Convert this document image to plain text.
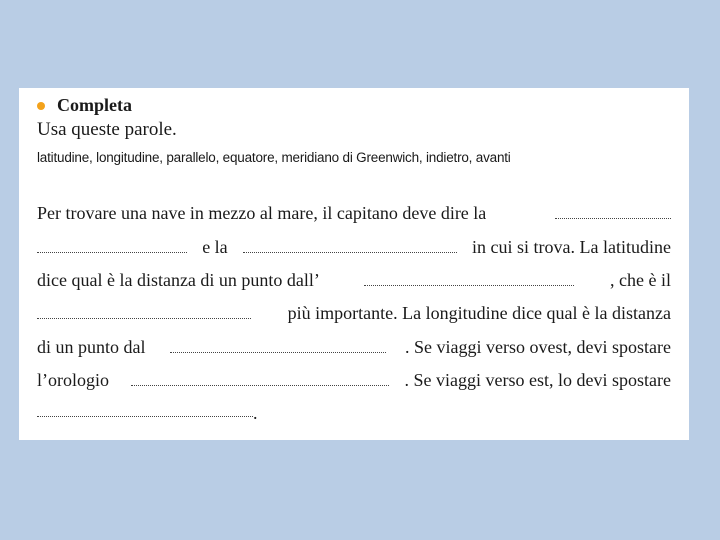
Completa
Usa queste parole.
latitudine, longitudine, parallelo, equatore, meridiano di Greenwich, indietro, avanti
Per trovare una nave in mezzo al mare, il capitano deve dire la
e la	in cui si trova. La latitudine
dice qual è la distanza di un punto dall’	, che è il
più importante. La longitudine dice qual è la distanza
di un punto dal	. Se viaggi verso ovest, devi spostare
l’orologio	. Se viaggi verso est, lo devi spostare
.
